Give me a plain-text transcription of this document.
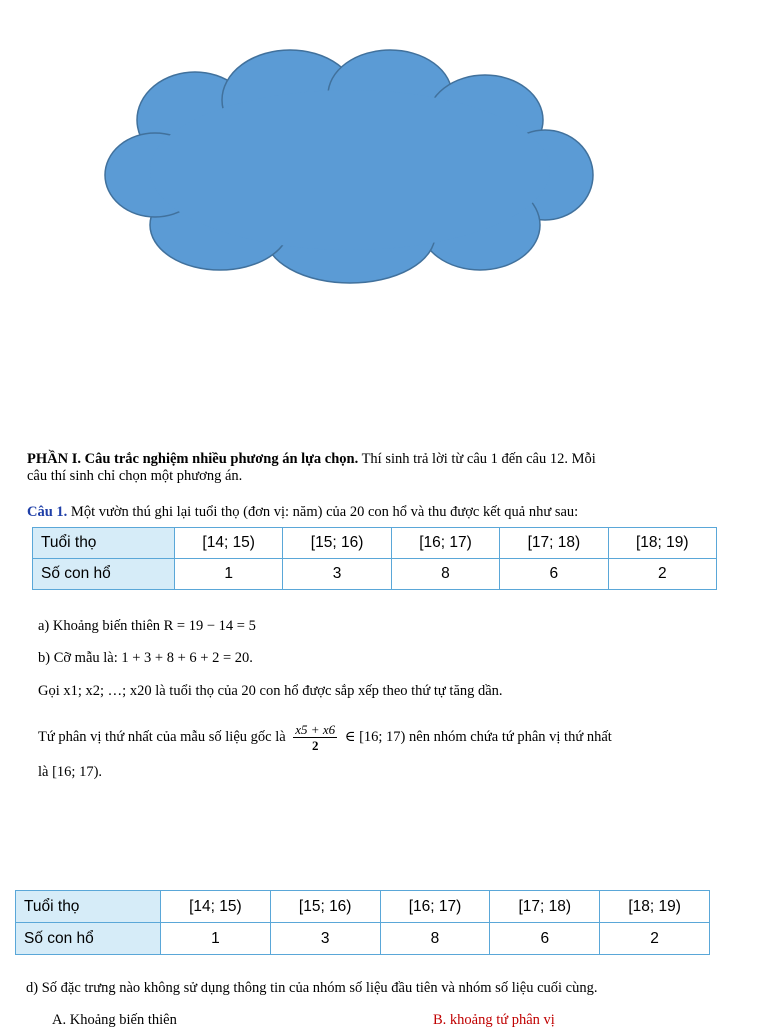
PHẦN I. Câu trắc nghiệm nhiều phương án lựa chọn. Thí sinh trả lời từ câu 1 đến câu 12. Mỗi
câu thí sinh chỉ chọn một phương án.
Câu 1. Một vườn thú ghi lại tuổi thọ (đơn vị: năm) của 20 con hổ và thu được kết quả như sau:
Tuổi thọ	[14; 15)	[15; 16)	[16; 17)	[17; 18)	[18; 19)
Số con hổ	1	3	8	6	2
a) Khoảng biến thiên R = 19 − 14 = 5
b) Cỡ mẫu là: 1 + 3 + 8 + 6 + 2 = 20.
Gọi x1; x2; …; x20 là tuổi thọ của 20 con hổ được sắp xếp theo thứ tự tăng dần.
Tứ phân vị thứ nhất của mẫu số liệu gốc là $\frac{x5 + x6}{2}$ ∈ [16; 17) nên nhóm chứa tứ phân vị thứ nhất
là [16; 17).
Tuổi thọ	[14; 15)	[15; 16)	[16; 17)	[17; 18)	[18; 19)
Số con hổ	1	3	8	6	2
d) Số đặc trưng nào không sử dụng thông tin của nhóm số liệu đầu tiên và nhóm số liệu cuối cùng.
A. Khoảng biến thiên	B. khoảng tứ phân vị
